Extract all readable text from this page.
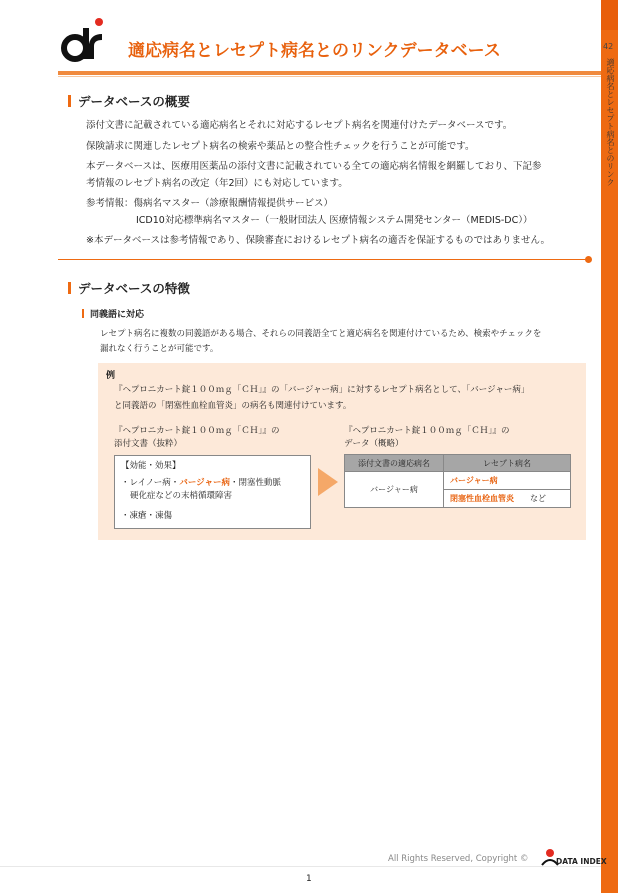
42
適応病名とレセプト病名とのリンク
適応病名とレセプト病名とのリンクデータベース
データベースの概要
添付文書に記載されている適応病名とそれに対応するレセプト病名を関連付けたデータベースです。
保険請求に関連したレセプト病名の検索や薬品との整合性チェックを行うことが可能です。
本データベースは、医療用医薬品の添付文書に記載されている全ての適応病名情報を網羅しており、下記参
考情報のレセプト病名の改定（年2回）にも対応しています。
参考情報：傷病名マスター（診療報酬情報提供サービス）
ICD10対応標準病名マスター（一般財団法人 医療情報システム開発センター（MEDIS-DC））
※本データベースは参考情報であり、保険審査におけるレセプト病名の適否を保証するものではありません。
データベースの特徴
同義語に対応
レセプト病名に複数の同義語がある場合、それらの同義語全てと適応病名を関連付けているため、検索やチェックを
漏れなく行うことが可能です。
例
『ヘプロニカート錠１００ｍｇ「ＣＨ」』の「バージャー病」に対するレセプト病名として、「バージャー病」
と同義語の「閉塞性血栓血管炎」の病名も関連付けています。
『ヘプロニカート錠１００ｍｇ「ＣＨ」』の
添付文書（抜粋）
『ヘプロニカート錠１００ｍｇ「ＣＨ」』の
データ（概略）
【効能・効果】
・レイノー病・バージャー病・閉塞性動脈
硬化症などの末梢循環障害
・凍瘡・凍傷
添付文書の適応病名	レセプト病名
バージャー病	バージャー病
	閉塞性血栓血管炎 など
All Rights Reserved, Copyright ©	DATA INDEX
1
